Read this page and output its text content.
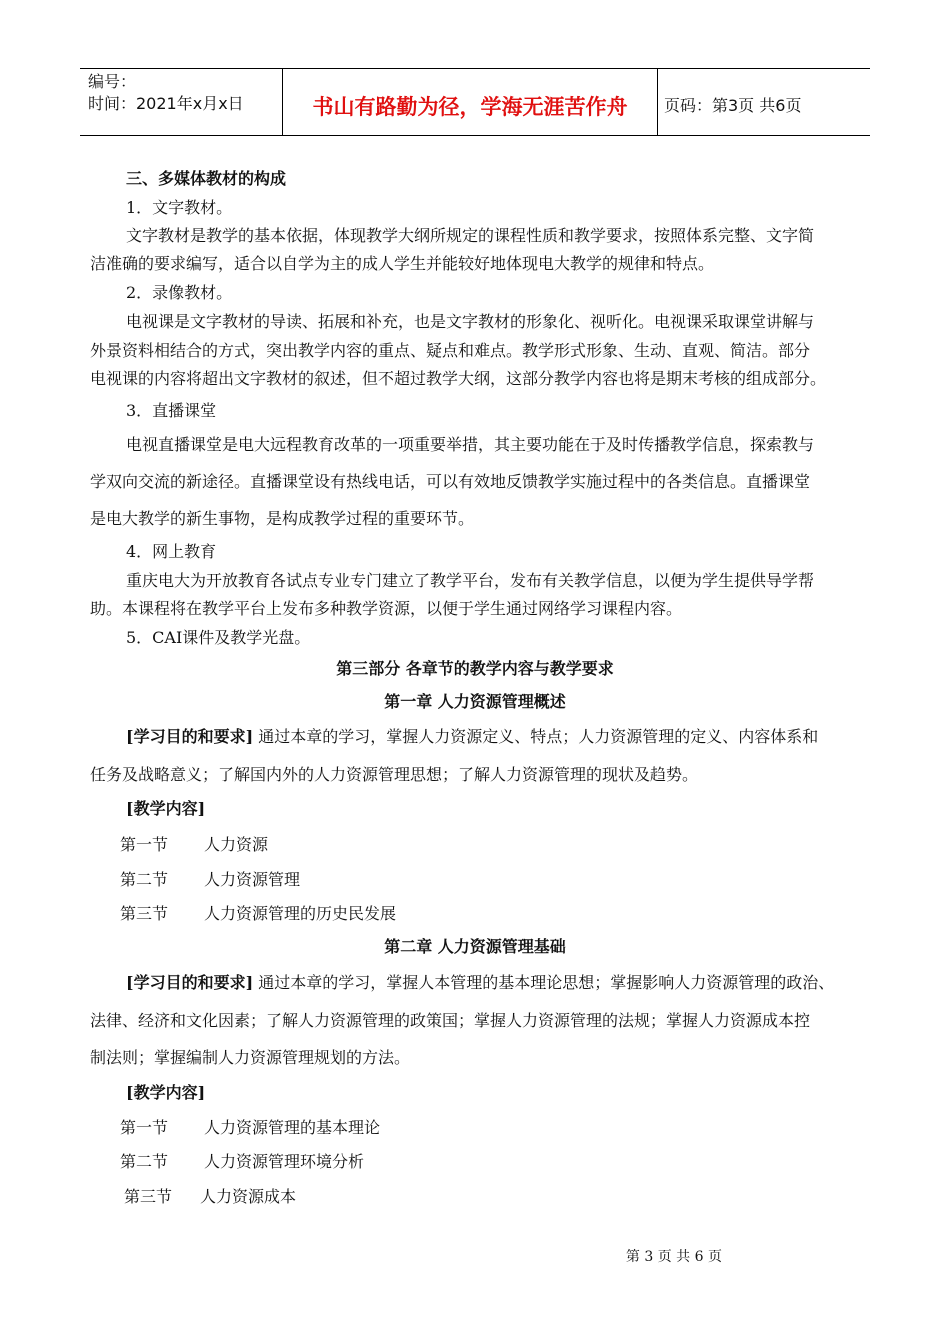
编号：
时间：2021年x月x日	书山有路勤为径，学海无涯苦作舟	页码：第3页 共6页
三、多媒体教材的构成
1．文字教材。
文字教材是教学的基本依据，体现教学大纲所规定的课程性质和教学要求，按照体系完整、文字简
洁准确的要求编写，适合以自学为主的成人学生并能较好地体现电大教学的规律和特点。
2．录像教材。
电视课是文字教材的导读、拓展和补充，也是文字教材的形象化、视听化。电视课采取课堂讲解与
外景资料相结合的方式，突出教学内容的重点、疑点和难点。教学形式形象、生动、直观、简洁。部分
电视课的内容将超出文字教材的叙述，但不超过教学大纲，这部分教学内容也将是期末考核的组成部分。
3．直播课堂
电视直播课堂是电大远程教育改革的一项重要举措，其主要功能在于及时传播教学信息，探索教与
学双向交流的新途径。直播课堂设有热线电话，可以有效地反馈教学实施过程中的各类信息。直播课堂
是电大教学的新生事物，是构成教学过程的重要环节。
4．网上教育
重庆电大为开放教育各试点专业专门建立了教学平台，发布有关教学信息，以便为学生提供导学帮
助。本课程将在教学平台上发布多种教学资源，以便于学生通过网络学习课程内容。
5．CAI课件及教学光盘。
第三部分 各章节的教学内容与教学要求
第一章 人力资源管理概述
[学习目的和要求] 通过本章的学习，掌握人力资源定义、特点；人力资源管理的定义、内容体系和
任务及战略意义；了解国内外的人力资源管理思想；了解人力资源管理的现状及趋势。
[教学内容]
第一节 人力资源
第二节 人力资源管理
第三节 人力资源管理的历史民发展
第二章 人力资源管理基础
[学习目的和要求] 通过本章的学习，掌握人本管理的基本理论思想；掌握影响人力资源管理的政治、
法律、经济和文化因素；了解人力资源管理的政策国；掌握人力资源管理的法规；掌握人力资源成本控
制法则；掌握编制人力资源管理规划的方法。
[教学内容]
第一节 人力资源管理的基本理论
第二节 人力资源管理环境分析
第三节 人力资源成本
第 3 页 共 6 页
